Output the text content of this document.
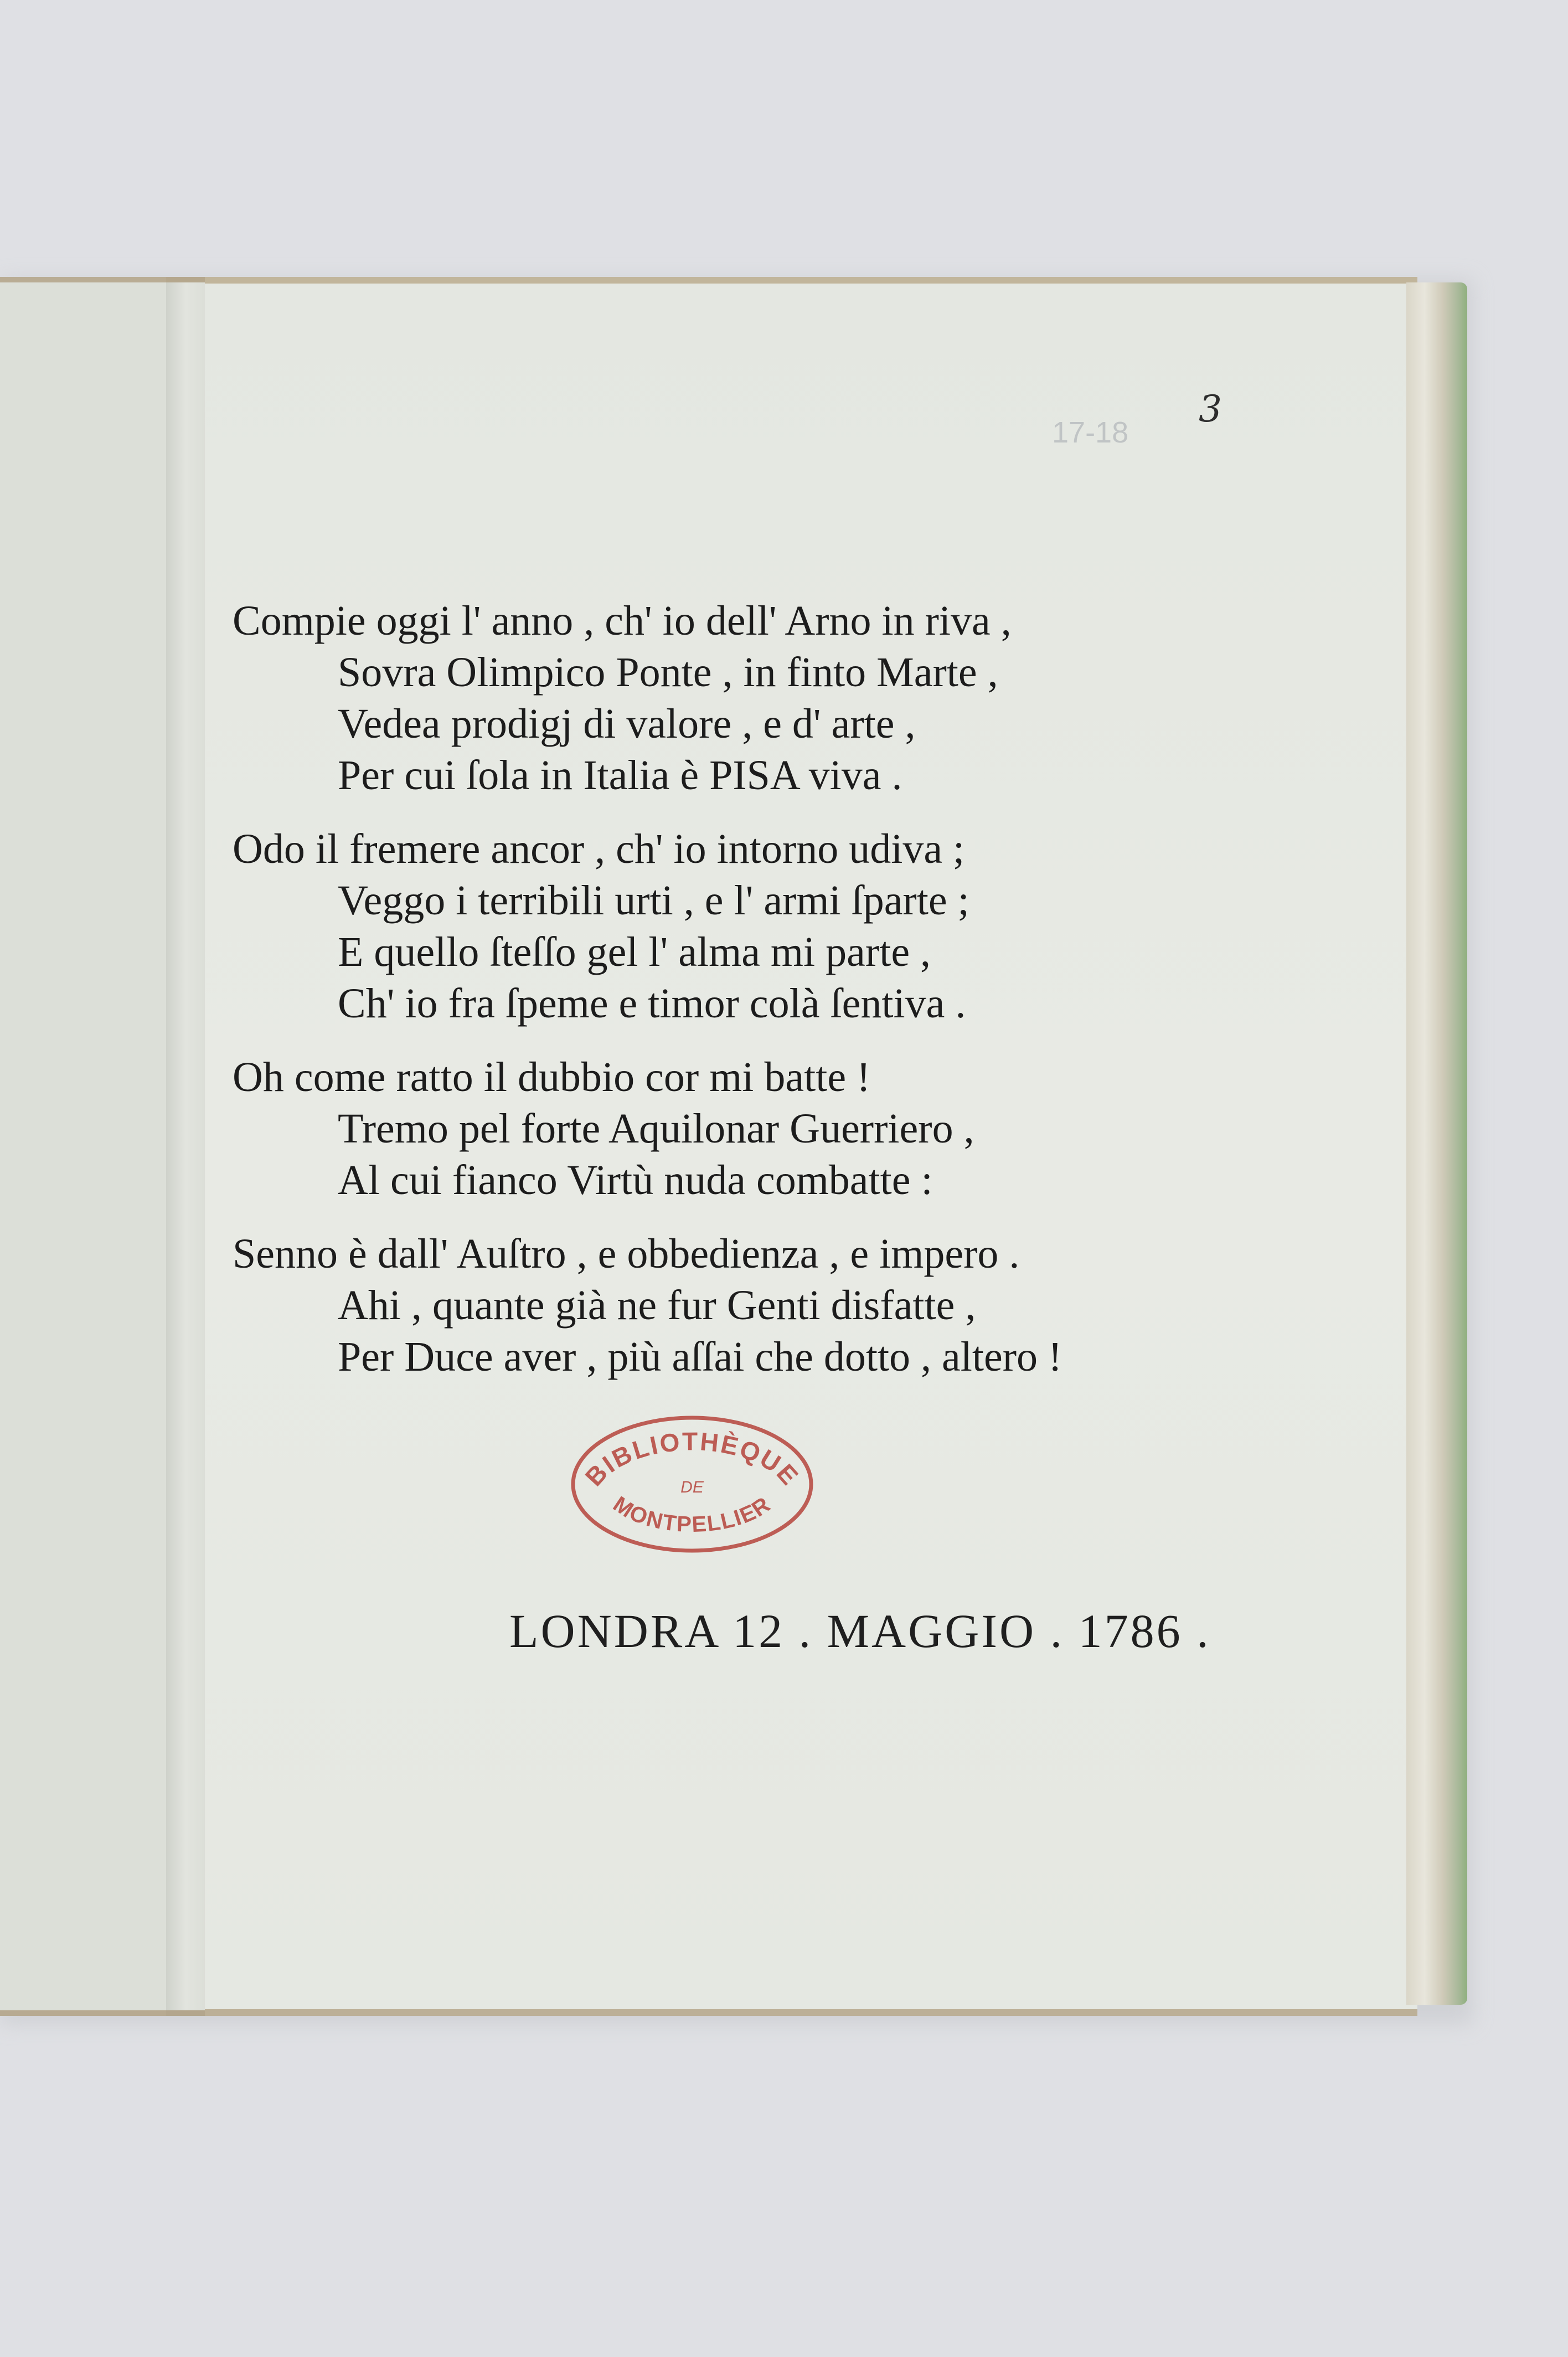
3
17-18
Compie oggi l' anno , ch' io dell' Arno in riva ,
Sovra Olimpico Ponte , in finto Marte ,
Vedea prodigj di valore , e d' arte ,
Per cui ſola in Italia è PISA viva .
Odo il fremere ancor , ch' io intorno udiva ;
Veggo i terribili urti , e l' armi ſparte ;
E quello ſteſſo gel l' alma mi parte ,
Ch' io fra ſpeme e timor colà ſentiva .
Oh come ratto il dubbio cor mi batte !
Tremo pel forte Aquilonar Guerriero ,
Al cui fianco Virtù nuda combatte :
Senno è dall' Auſtro , e obbedienza , e impero .
Ahi , quante già ne fur Genti disfatte ,
Per Duce aver , più aſſai che dotto , altero !
BIBLIOTHÈQUE
DE
MONTPELLIER
LONDRA 12 . MAGGIO . 1786 .
